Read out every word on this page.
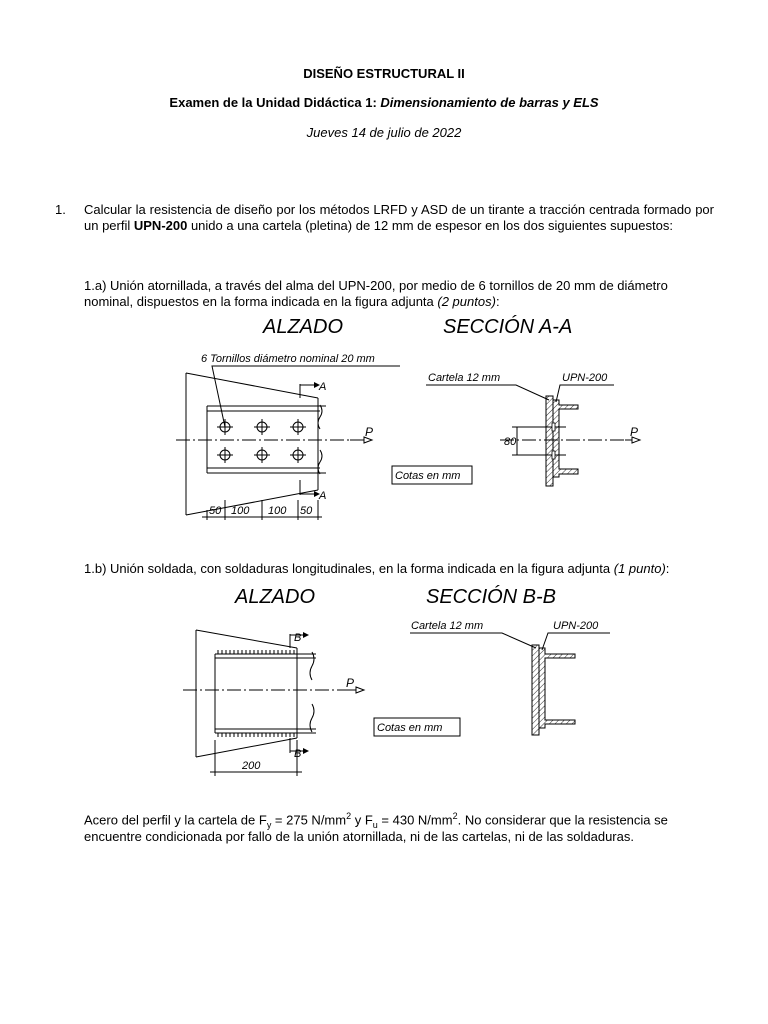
DISEÑO ESTRUCTURAL II
Examen de la Unidad Didáctica 1: Dimensionamiento de barras y ELS
Jueves 14 de julio de 2022
1. Calcular la resistencia de diseño por los métodos LRFD y ASD de un tirante a tracción centrada formado por un perfil UPN-200 unido a una cartela (pletina) de 12 mm de espesor en los dos siguientes supuestos:
1.a) Unión atornillada, a través del alma del UPN-200, por medio de 6 tornillos de 20 mm de diámetro
nominal, dispuestos en la forma indicada en la figura adjunta (2 puntos):
ALZADO	SECCIÓN A-A
6 Tornillos diámetro nominal 20 mm
A
A
P
50 100 100 50
Cartela 12 mm	UPN-200
80
P
Cotas en mm
1.b) Unión soldada, con soldaduras longitudinales, en la forma indicada en la figura adjunta (1 punto):
ALZADO	SECCIÓN B-B
B
B
P
200
Cartela 12 mm	UPN-200
Cotas en mm
Acero del perfil y la cartela de $F_y = 275$ $N/mm^2$ y $F_u = 430$ $N/mm^2$. No considerar que la resistencia se
encuentre condicionada por fallo de la unión atornillada, ni de las cartelas, ni de las soldaduras.
